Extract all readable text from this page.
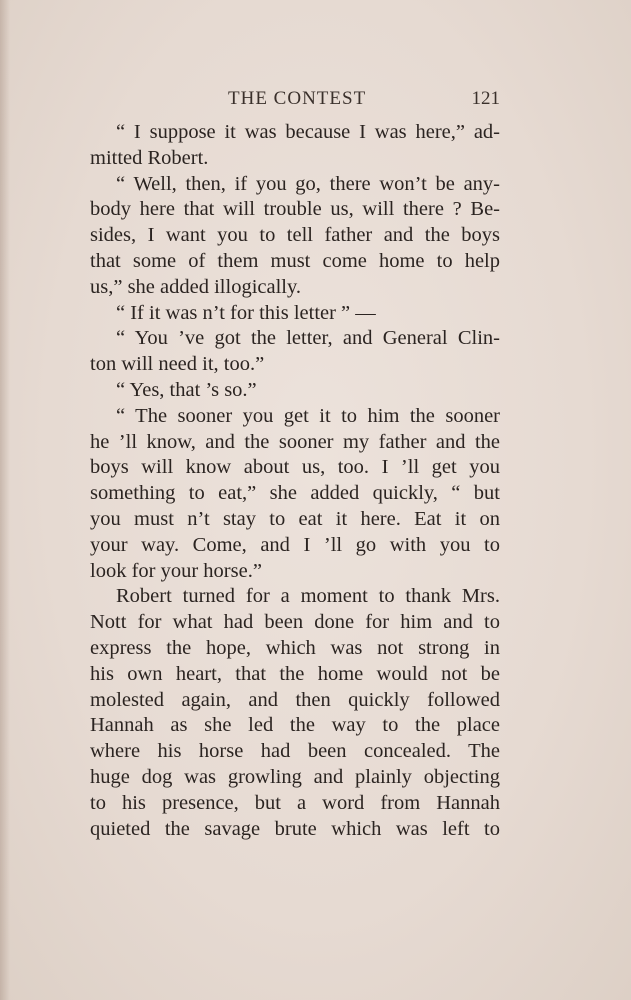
THE CONTEST	121
“ I suppose it was because I was here,” ad-
mitted Robert.
“ Well, then, if you go, there won’t be any-
body here that will trouble us, will there ? Be-
sides, I want you to tell father and the boys
that some of them must come home to help
us,” she added illogically.
“ If it was n’t for this letter ” —
“ You ’ve got the letter, and General Clin-
ton will need it, too.”
“ Yes, that ’s so.”
“ The sooner you get it to him the sooner
he ’ll know, and the sooner my father and the
boys will know about us, too. I ’ll get you
something to eat,” she added quickly, “ but
you must n’t stay to eat it here. Eat it on
your way. Come, and I ’ll go with you to
look for your horse.”
Robert turned for a moment to thank Mrs.
Nott for what had been done for him and to
express the hope, which was not strong in
his own heart, that the home would not be
molested again, and then quickly followed
Hannah as she led the way to the place
where his horse had been concealed. The
huge dog was growling and plainly objecting
to his presence, but a word from Hannah
quieted the savage brute which was left to
